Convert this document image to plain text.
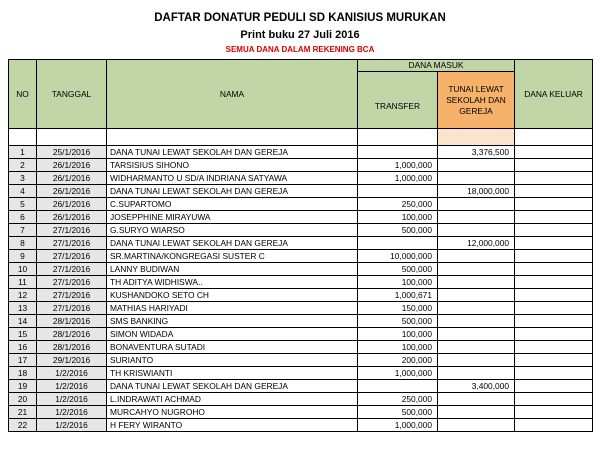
DAFTAR DONATUR PEDULI SD KANISIUS MURUKAN
Print buku 27 Juli 2016
SEMUA DANA DALAM REKENING BCA
NO	TANGGAL	NAMA	DANA MASUK		DANA KELUAR
			TRANSFER	TUNAI LEWAT SEKOLAH DAN GEREJA	

1	25/1/2016	DANA TUNAI LEWAT SEKOLAH DAN GEREJA		3,376,500	
2	26/1/2016	TARSISIUS SIHONO	1,000,000		
3	26/1/2016	WIDHARMANTO U SD/A INDRIANA SATYAWA	1,000,000		
4	26/1/2016	DANA TUNAI LEWAT SEKOLAH DAN GEREJA		18,000,000	
5	26/1/2016	C.SUPARTOMO	250,000		
6	26/1/2016	JOSEPPHINE MIRAYUWA	100,000		
7	27/1/2016	G.SURYO WIARSO	500,000		
8	27/1/2016	DANA TUNAI LEWAT SEKOLAH DAN GEREJA		12,000,000	
9	27/1/2016	SR.MARTINA/KONGREGASI SUSTER C	10,000,000		
10	27/1/2016	LANNY BUDIWAN	500,000		
11	27/1/2016	TH ADITYA WIDHISWA..	100,000		
12	27/1/2016	KUSHANDOKO SETO CH	1,000,671		
13	27/1/2016	MATHIAS HARIYADI	150,000		
14	28/1/2016	SMS BANKING	500,000		
15	28/1/2016	SIMON WIDADA	100,000		
16	28/1/2016	BONAVENTURA SUTADI	100,000		
17	29/1/2016	SURIANTO	200,000		
18	1/2/2016	TH KRISWIANTI	1,000,000		
19	1/2/2016	DANA TUNAI LEWAT SEKOLAH DAN GEREJA		3,400,000	
20	1/2/2016	L.INDRAWATI ACHMAD	250,000		
21	1/2/2016	MURCAHYO NUGROHO	500,000		
22	1/2/2016	H FERY WIRANTO	1,000,000		
